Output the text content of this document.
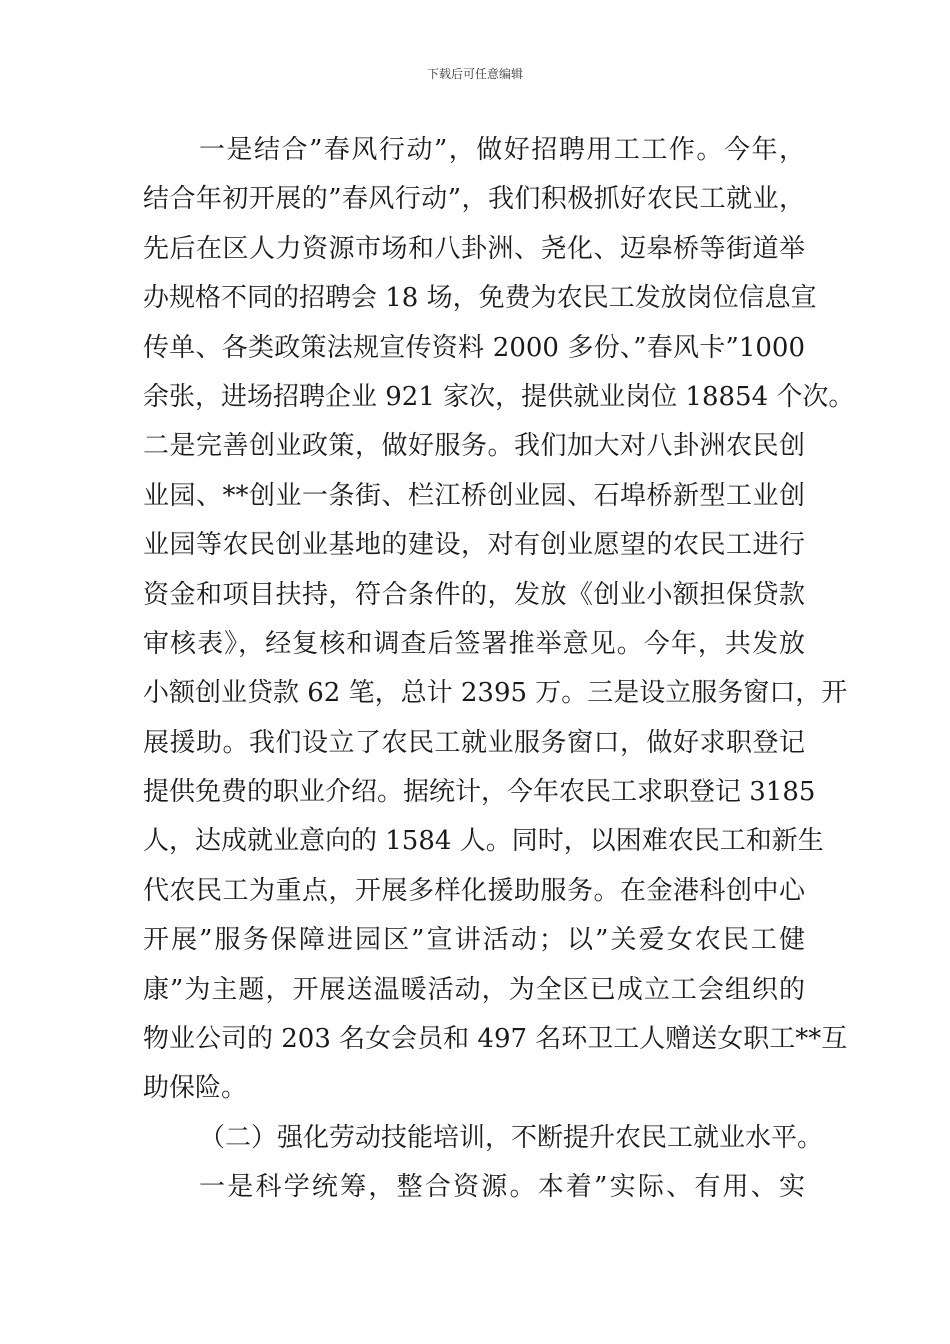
下载后可任意编辑
一是结合”春风行动”，做好招聘用工工作。今年，
结合年初开展的”春风行动”，我们积极抓好农民工就业，
先后在区人力资源市场和八卦洲、尧化、迈皋桥等街道举
办规格不同的招聘会 18 场，免费为农民工发放岗位信息宣
传单、各类政策法规宣传资料 2000 多份、”春风卡”1000
余张，进场招聘企业 921 家次，提供就业岗位 18854 个次。
二是完善创业政策，做好服务。我们加大对八卦洲农民创
业园、**创业一条街、栏江桥创业园、石埠桥新型工业创
业园等农民创业基地的建设，对有创业愿望的农民工进行
资金和项目扶持，符合条件的，发放《创业小额担保贷款
审核表》，经复核和调查后签署推举意见。今年，共发放
小额创业贷款 62 笔，总计 2395 万。三是设立服务窗口，开
展援助。我们设立了农民工就业服务窗口，做好求职登记
提供免费的职业介绍。据统计，今年农民工求职登记 3185
人，达成就业意向的 1584 人。同时，以困难农民工和新生
代农民工为重点，开展多样化援助服务。在金港科创中心
开展”服务保障进园区”宣讲活动；以”关爱女农民工健
康”为主题，开展送温暖活动，为全区已成立工会组织的
物业公司的 203 名女会员和 497 名环卫工人赠送女职工**互
助保险。
（二）强化劳动技能培训，不断提升农民工就业水平。
一是科学统筹，整合资源。本着”实际、有用、实
